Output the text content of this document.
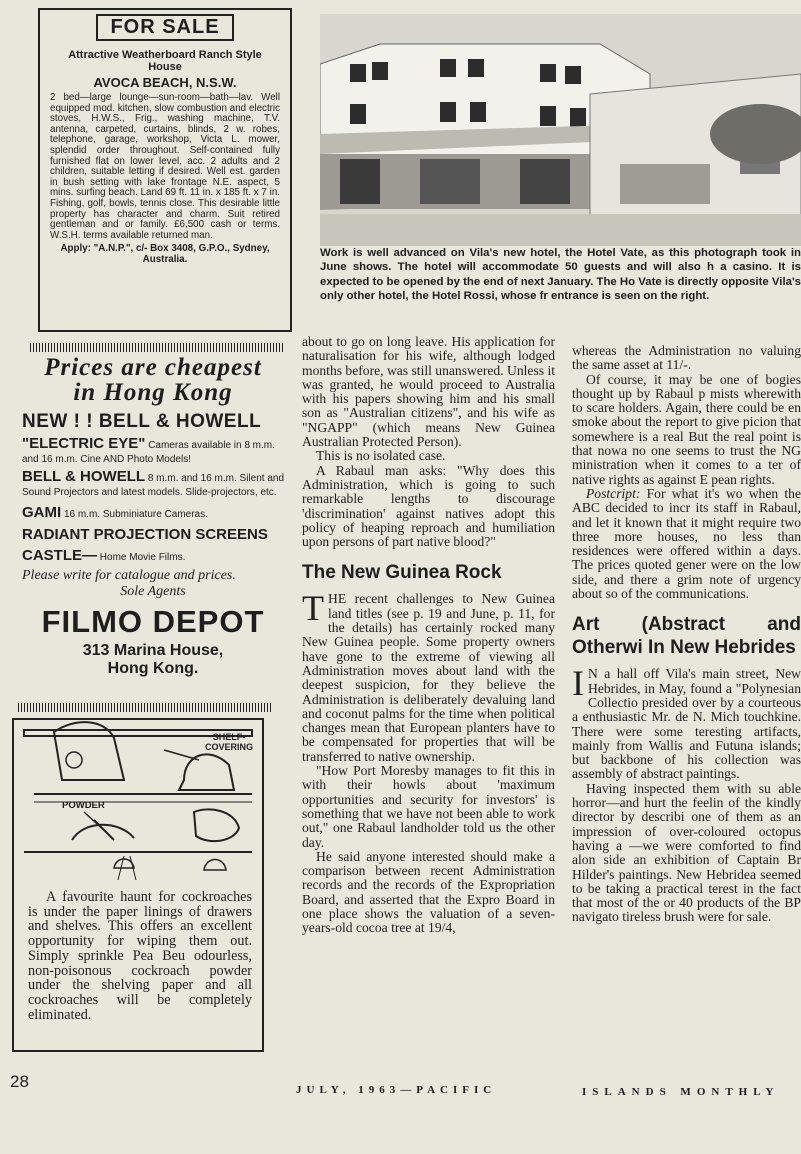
FOR SALE
Attractive Weatherboard Ranch Style House
AVOCA BEACH, N.S.W.
2 bed—large lounge—sun-room—bath—lav. Well equipped mod. kitchen, slow combustion and electric stoves, H.W.S., Frig., washing machine, T.V. antenna, carpeted, curtains, blinds, 2 w. robes, telephone, garage, workshop, Victa L. mower, splendid order throughout. Self-contained fully furnished flat on lower level, acc. 2 adults and 2 children, suitable letting if desired. Well est. garden in bush setting with lake frontage N.E. aspect, 5 mins. surfing beach. Land 69 ft. 11 in. x 185 ft. x 7 in. Fishing, golf, bowls, tennis close. This desirable little property has character and charm. Suit retired gentleman and or family. £6,500 cash or terms. W.S.H. terms available returned man.
Apply: "A.N.P.", c/- Box 3408, G.P.O., Sydney, Australia.
Prices are cheapest in Hong Kong
NEW ! ! BELL & HOWELL
"ELECTRIC EYE" Cameras available in 8 m.m. and 16 m.m. Cine AND Photo Models!
BELL & HOWELL 8 m.m. and 16 m.m. Silent and Sound Projectors and latest models. Slide-projectors, etc.
GAMI 16 m.m. Subminiature Cameras.
RADIANT PROJECTION SCREENS
CASTLE— Home Movie Films.
Please write for catalogue and prices.
Sole Agents
FILMO DEPOT
313 Marina House,
Hong Kong.
SHELF-COVERING
POWDER
A favourite haunt for cockroaches is under the paper linings of drawers and shelves. This offers an excellent opportunity for wiping them out. Simply sprinkle Pea Beu odourless, non-poisonous cockroach powder under the shelving paper and all cockroaches will be completely eliminated.
Work is well advanced on Vila's new hotel, the Hotel Vate, as this photograph took in June shows. The hotel will accommodate 50 guests and will also h a casino. It is expected to be opened by the end of next January. The Ho Vate is directly opposite Vila's only other hotel, the Hotel Rossi, whose fr entrance is seen on the right.

about to go on long leave. His application for naturalisation for his wife, although lodged months before, was still unanswered. Unless it was granted, he would proceed to Australia with his papers showing him and his small son as "Australian citizens", and his wife as "NGAPP" (which means New Guinea Australian Protected Person).

This is no isolated case.

A Rabaul man asks: "Why does this Administration, which is going to such remarkable lengths to discourage 'discrimination' against natives adopt this policy of heaping reproach and humiliation upon persons of part native blood?"

The New Guinea Rock

THE recent challenges to New Guinea land titles (see p. 19 and June, p. 11, for the details) has certainly rocked many New Guinea people. Some property owners have gone to the extreme of viewing all Administration moves about land with the deepest suspicion, for they believe the Administration is deliberately devaluing land and coconut palms for the time when political changes mean that European planters have to be compensated for properties that will be transferred to native ownership.

"How Port Moresby manages to fit this in with their howls about 'maximum opportunities and security for investors' is something that we have not been able to work out," one Rabaul landholder told us the other day.

He said anyone interested should make a comparison between recent Administration records and the records of the Expropriation Board, and asserted that the Expro Board in one place shows the valuation of a seven-years-old cocoa tree at 19/4,

whereas the Administration no valuing the same asset at 11/-.

Of course, it may be one of bogies thought up by Rabaul p mists wherewith to scare holders. Again, there could be en smoke about the report to give picion that somewhere is a real But the real point is that nowa no one seems to trust the NG ministration when it comes to a ter of native rights as against E pean rights.

Postcript: For what it's wo when the ABC decided to incr its staff in Rabaul, and let it known that it might require two three more houses, no less than residences were offered within a days. The prices quoted gener were on the low side, and there a grim note of urgency about so of the communications.

Art (Abstract and Otherwi In New Hebrides

I N a hall off Vila's main street, New Hebrides, in May, found a "Polynesian Collectio presided over by a courteous a enthusiastic Mr. de N. Mich touchkine. There were some teresting artifacts, mainly from Wallis and Futuna islands; but backbone of his collection was assembly of abstract paintings.

Having inspected them with su able horror—and hurt the feelin of the kindly director by describi one of them as an impression of over-coloured octopus having a —we were comforted to find alon side an exhibition of Captain Br Hilder's paintings. New Hebridea seemed to be taking a practical terest in the fact that most of the or 40 products of the BP navigato tireless brush were for sale.

28	JULY, 1963—PACIFIC	ISLANDS MONTHLY
